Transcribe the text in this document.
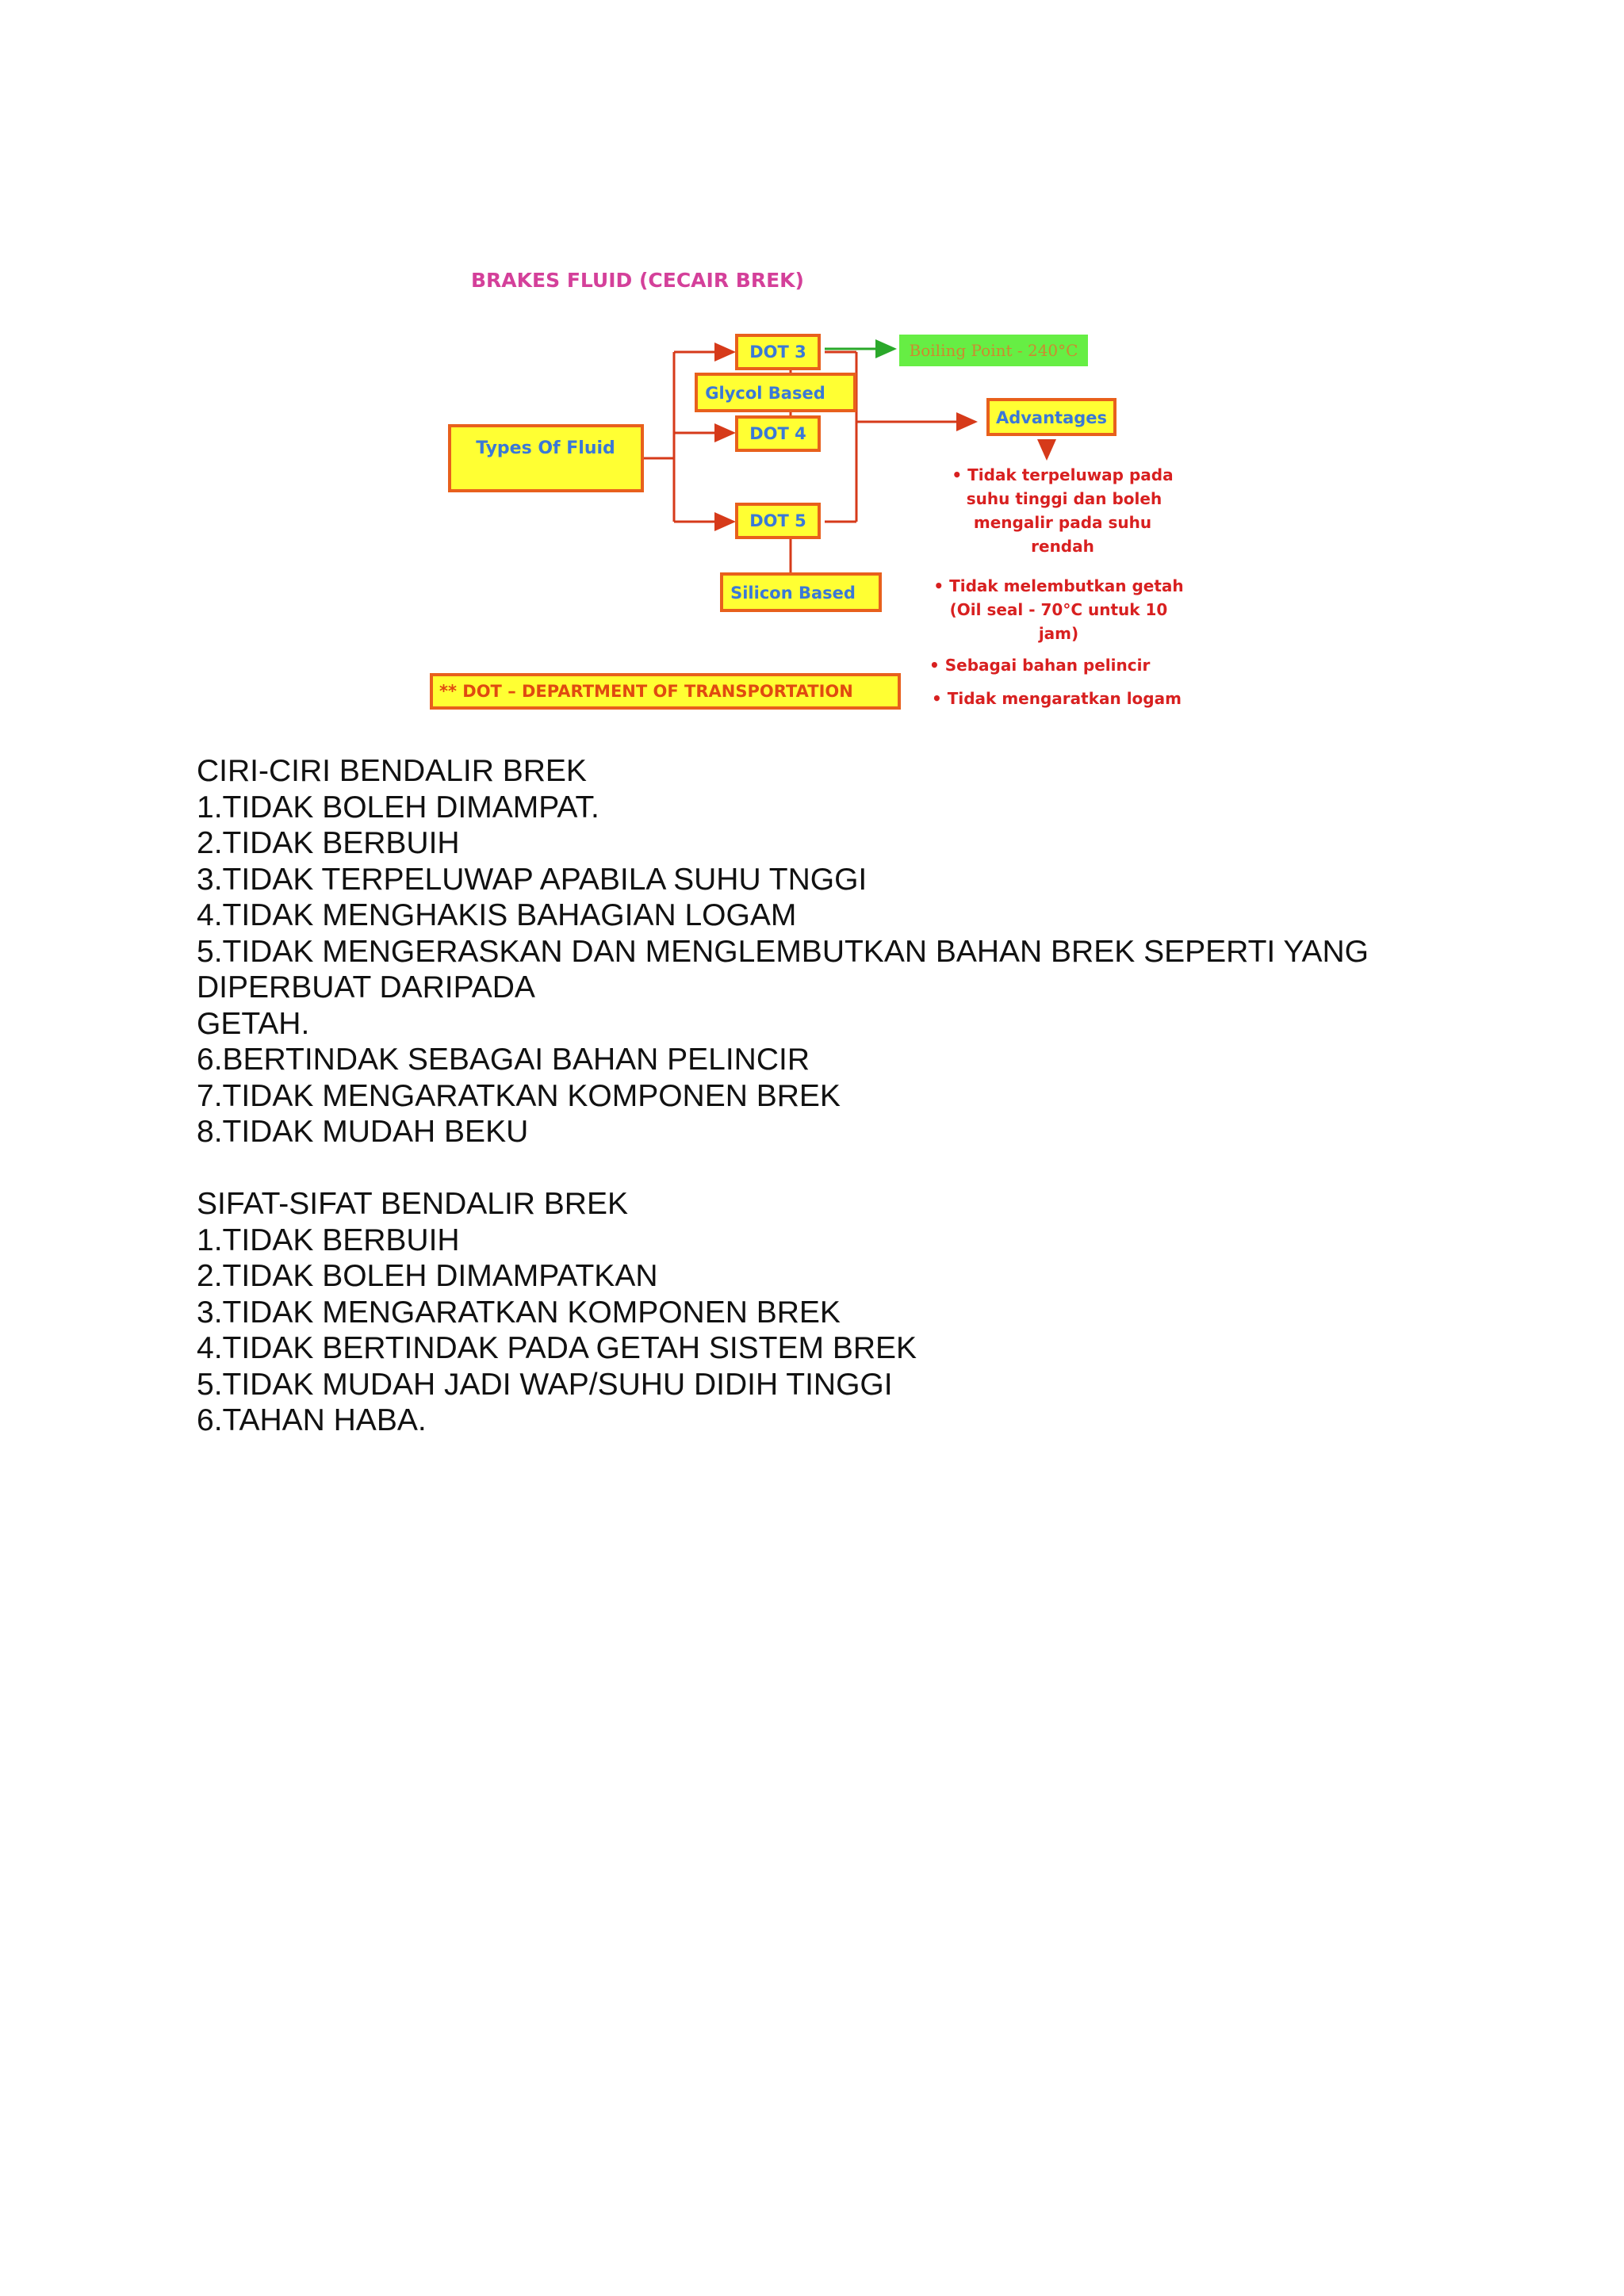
BRAKES FLUID (CECAIR BREK)
Types Of Fluid
DOT 3
Glycol Based
DOT 4
DOT 5
Silicon Based
Boiling Point - 240°C
Advantages
• Tidak terpeluwap pada
suhu tinggi dan boleh
mengalir pada suhu
rendah
• Tidak melembutkan getah
(Oil seal - 70°C untuk 10
jam)
• Sebagai bahan pelincir
• Tidak mengaratkan logam
** DOT – DEPARTMENT OF TRANSPORTATION
CIRI-CIRI BENDALIR BREK
1.TIDAK BOLEH DIMAMPAT.
2.TIDAK BERBUIH
3.TIDAK TERPELUWAP APABILA SUHU TNGGI
4.TIDAK MENGHAKIS BAHAGIAN LOGAM
5.TIDAK MENGERASKAN DAN MENGLEMBUTKAN BAHAN BREK SEPERTI YANG
DIPERBUAT DARIPADA
GETAH.
6.BERTINDAK SEBAGAI BAHAN PELINCIR
7.TIDAK MENGARATKAN KOMPONEN BREK
8.TIDAK MUDAH BEKU
SIFAT-SIFAT BENDALIR BREK
1.TIDAK BERBUIH
2.TIDAK BOLEH DIMAMPATKAN
3.TIDAK MENGARATKAN KOMPONEN BREK
4.TIDAK BERTINDAK PADA GETAH SISTEM BREK
5.TIDAK MUDAH JADI WAP/SUHU DIDIH TINGGI
6.TAHAN HABA.
